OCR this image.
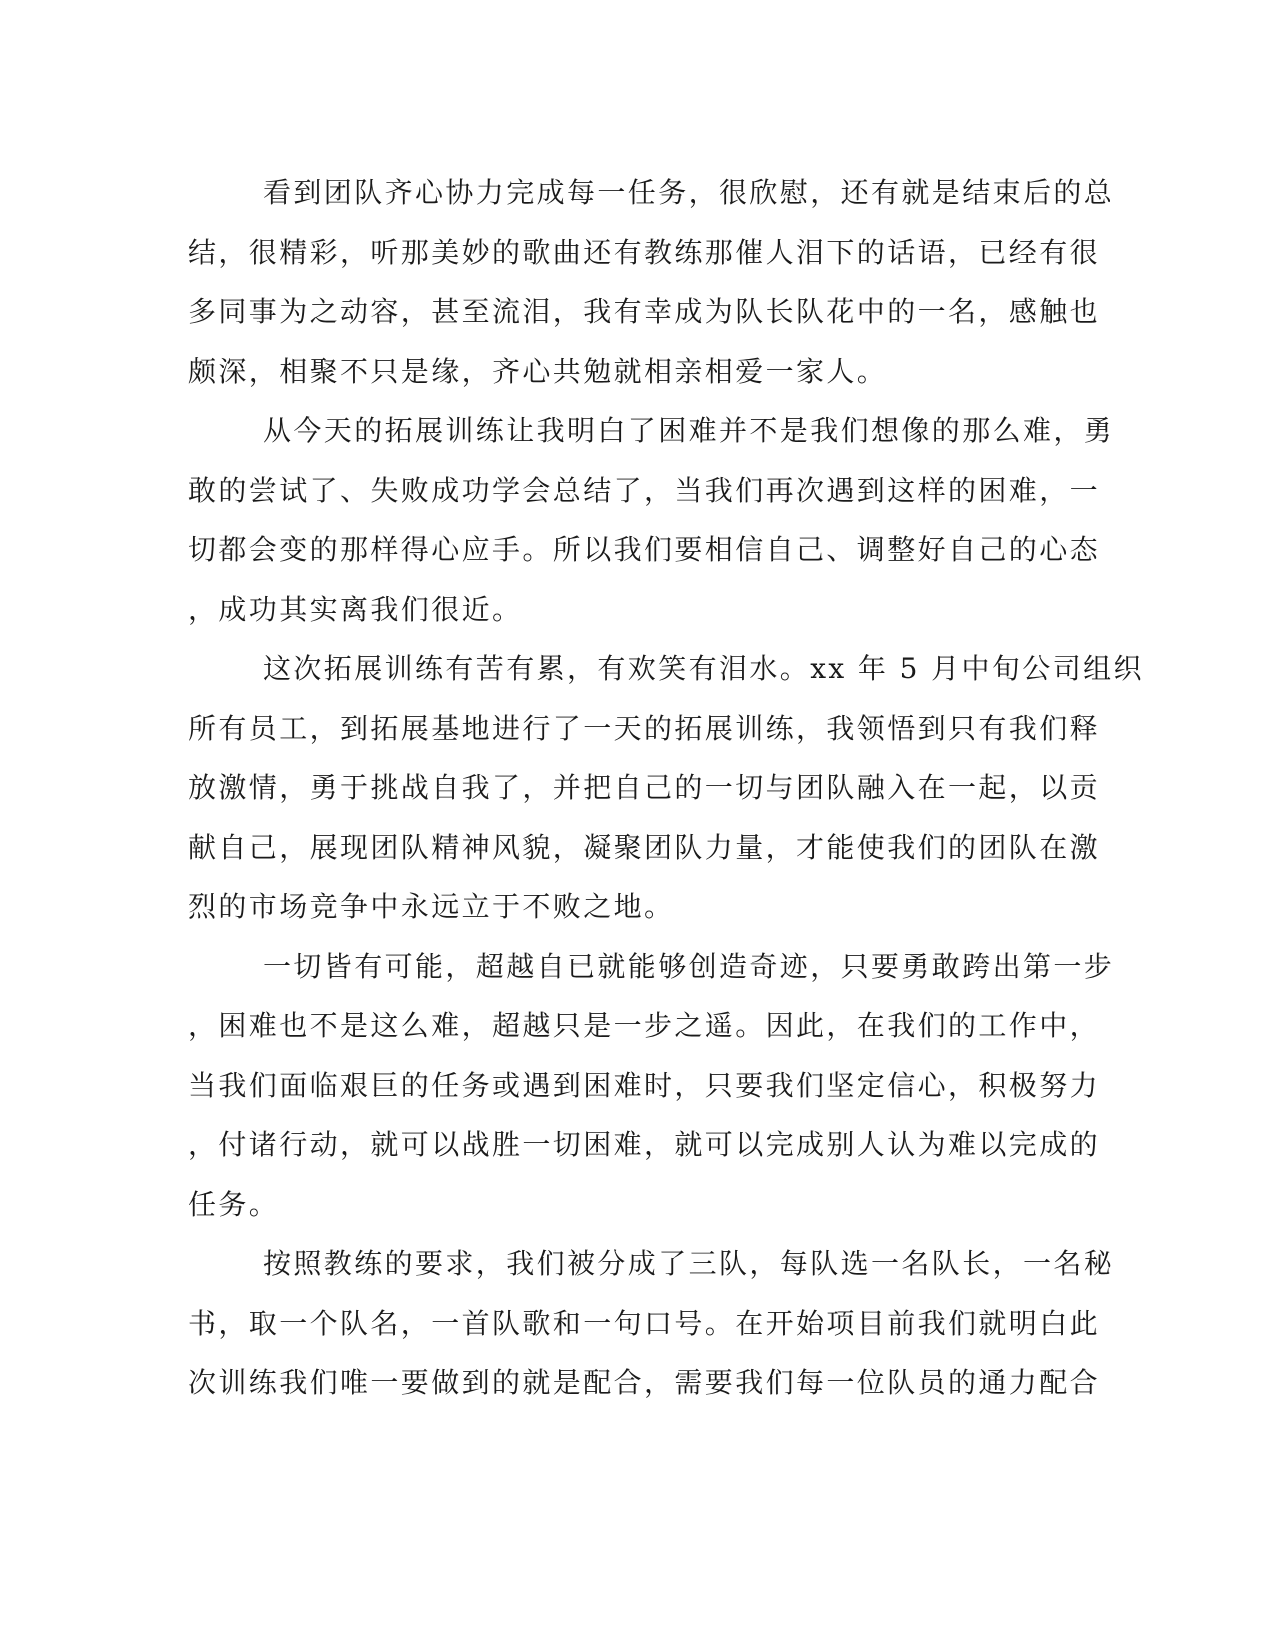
看到团队齐心协力完成每一任务，很欣慰，还有就是结束后的总
结，很精彩，听那美妙的歌曲还有教练那催人泪下的话语，已经有很
多同事为之动容，甚至流泪，我有幸成为队长队花中的一名，感触也
颇深，相聚不只是缘，齐心共勉就相亲相爱一家人。
从今天的拓展训练让我明白了困难并不是我们想像的那么难，勇
敢的尝试了、失败成功学会总结了，当我们再次遇到这样的困难，一
切都会变的那样得心应手。所以我们要相信自己、调整好自己的心态
，成功其实离我们很近。
这次拓展训练有苦有累，有欢笑有泪水。xx 年 5 月中旬公司组织
所有员工，到拓展基地进行了一天的拓展训练，我领悟到只有我们释
放激情，勇于挑战自我了，并把自己的一切与团队融入在一起，以贡
献自己，展现团队精神风貌，凝聚团队力量，才能使我们的团队在激
烈的市场竞争中永远立于不败之地。
一切皆有可能，超越自已就能够创造奇迹，只要勇敢跨出第一步
，困难也不是这么难，超越只是一步之遥。因此，在我们的工作中，
当我们面临艰巨的任务或遇到困难时，只要我们坚定信心，积极努力
，付诸行动，就可以战胜一切困难，就可以完成别人认为难以完成的
任务。
按照教练的要求，我们被分成了三队，每队选一名队长，一名秘
书，取一个队名，一首队歌和一句口号。在开始项目前我们就明白此
次训练我们唯一要做到的就是配合，需要我们每一位队员的通力配合
